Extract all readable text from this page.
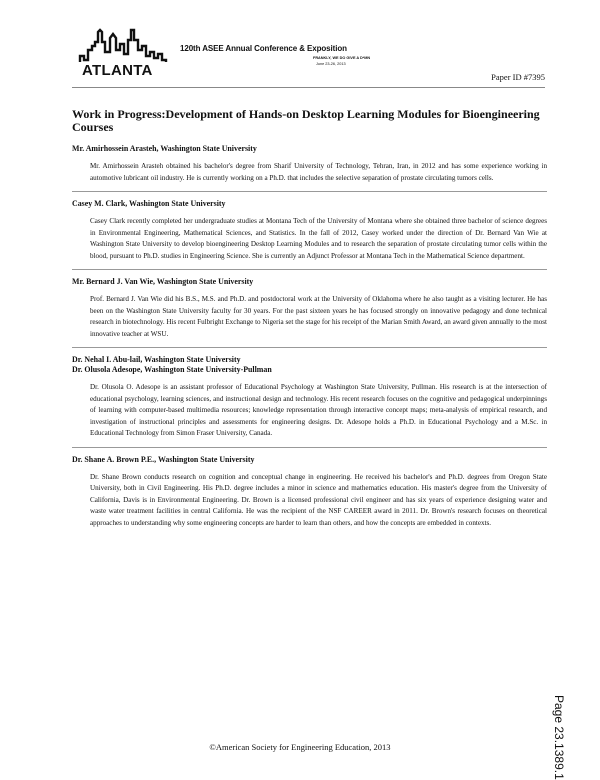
ATLANTA
120th ASEE Annual Conference & Exposition
FRANKLY, WE DO GIVE A D*MN
June 23-26, 2013
Paper ID #7395
Work in Progress:Development of Hands-on Desktop Learning Modules for Bioengineering Courses
Mr. Amirhossein Arasteh, Washington State University
Mr. Amirhossein Arasteh obtained his bachelor's degree from Sharif University of Technology, Tehran, Iran, in 2012 and has some experience working in automotive lubricant oil industry. He is currently working on a Ph.D. that includes the selective separation of prostate circulating tumors cells.
Casey M. Clark, Washington State University
Casey Clark recently completed her undergraduate studies at Montana Tech of the University of Montana where she obtained three bachelor of science degrees in Environmental Engineering, Mathematical Sciences, and Statistics. In the fall of 2012, Casey worked under the direction of Dr. Bernard Van Wie at Washington State University to develop bioengineering Desktop Learning Modules and to research the separation of prostate circulating tumor cells within the blood, pursuant to Ph.D. studies in Engineering Science. She is currently an Adjunct Professor at Montana Tech in the Mathematical Science department.
Mr. Bernard J. Van Wie, Washington State University
Prof. Bernard J. Van Wie did his B.S., M.S. and Ph.D. and postdoctoral work at the University of Oklahoma where he also taught as a visiting lecturer. He has been on the Washington State University faculty for 30 years. For the past sixteen years he has focused strongly on innovative pedagogy and done technical research in biotechnology. His recent Fulbright Exchange to Nigeria set the stage for his receipt of the Marian Smith Award, an award given annually to the most innovative teacher at WSU.
Dr. Nehal I. Abu-lail, Washington State University
Dr. Olusola Adesope, Washington State University-Pullman
Dr. Olusola O. Adesope is an assistant professor of Educational Psychology at Washington State University, Pullman. His research is at the intersection of educational psychology, learning sciences, and instructional design and technology. His recent research focuses on the cognitive and pedagogical underpinnings of learning with computer-based multimedia resources; knowledge representation through interactive concept maps; meta-analysis of empirical research, and investigation of instructional principles and assessments for engineering designs. Dr. Adesope holds a Ph.D. in Educational Psychology and a M.Sc. in Educational Technology from Simon Fraser University, Canada.
Dr. Shane A. Brown P.E., Washington State University
Dr. Shane Brown conducts research on cognition and conceptual change in engineering. He received his bachelor's and Ph.D. degrees from Oregon State University, both in Civil Engineering. His Ph.D. degree includes a minor in science and mathematics education. His master's degree from the University of California, Davis is in Environmental Engineering. Dr. Brown is a licensed professional civil engineer and has six years of experience designing water and waste water treatment facilities in central California. He was the recipient of the NSF CAREER award in 2011. Dr. Brown's research focuses on theoretical approaches to understanding why some engineering concepts are harder to learn than others, and how the concepts are embedded in contexts.
Page 23.1389.1
©American Society for Engineering Education, 2013
